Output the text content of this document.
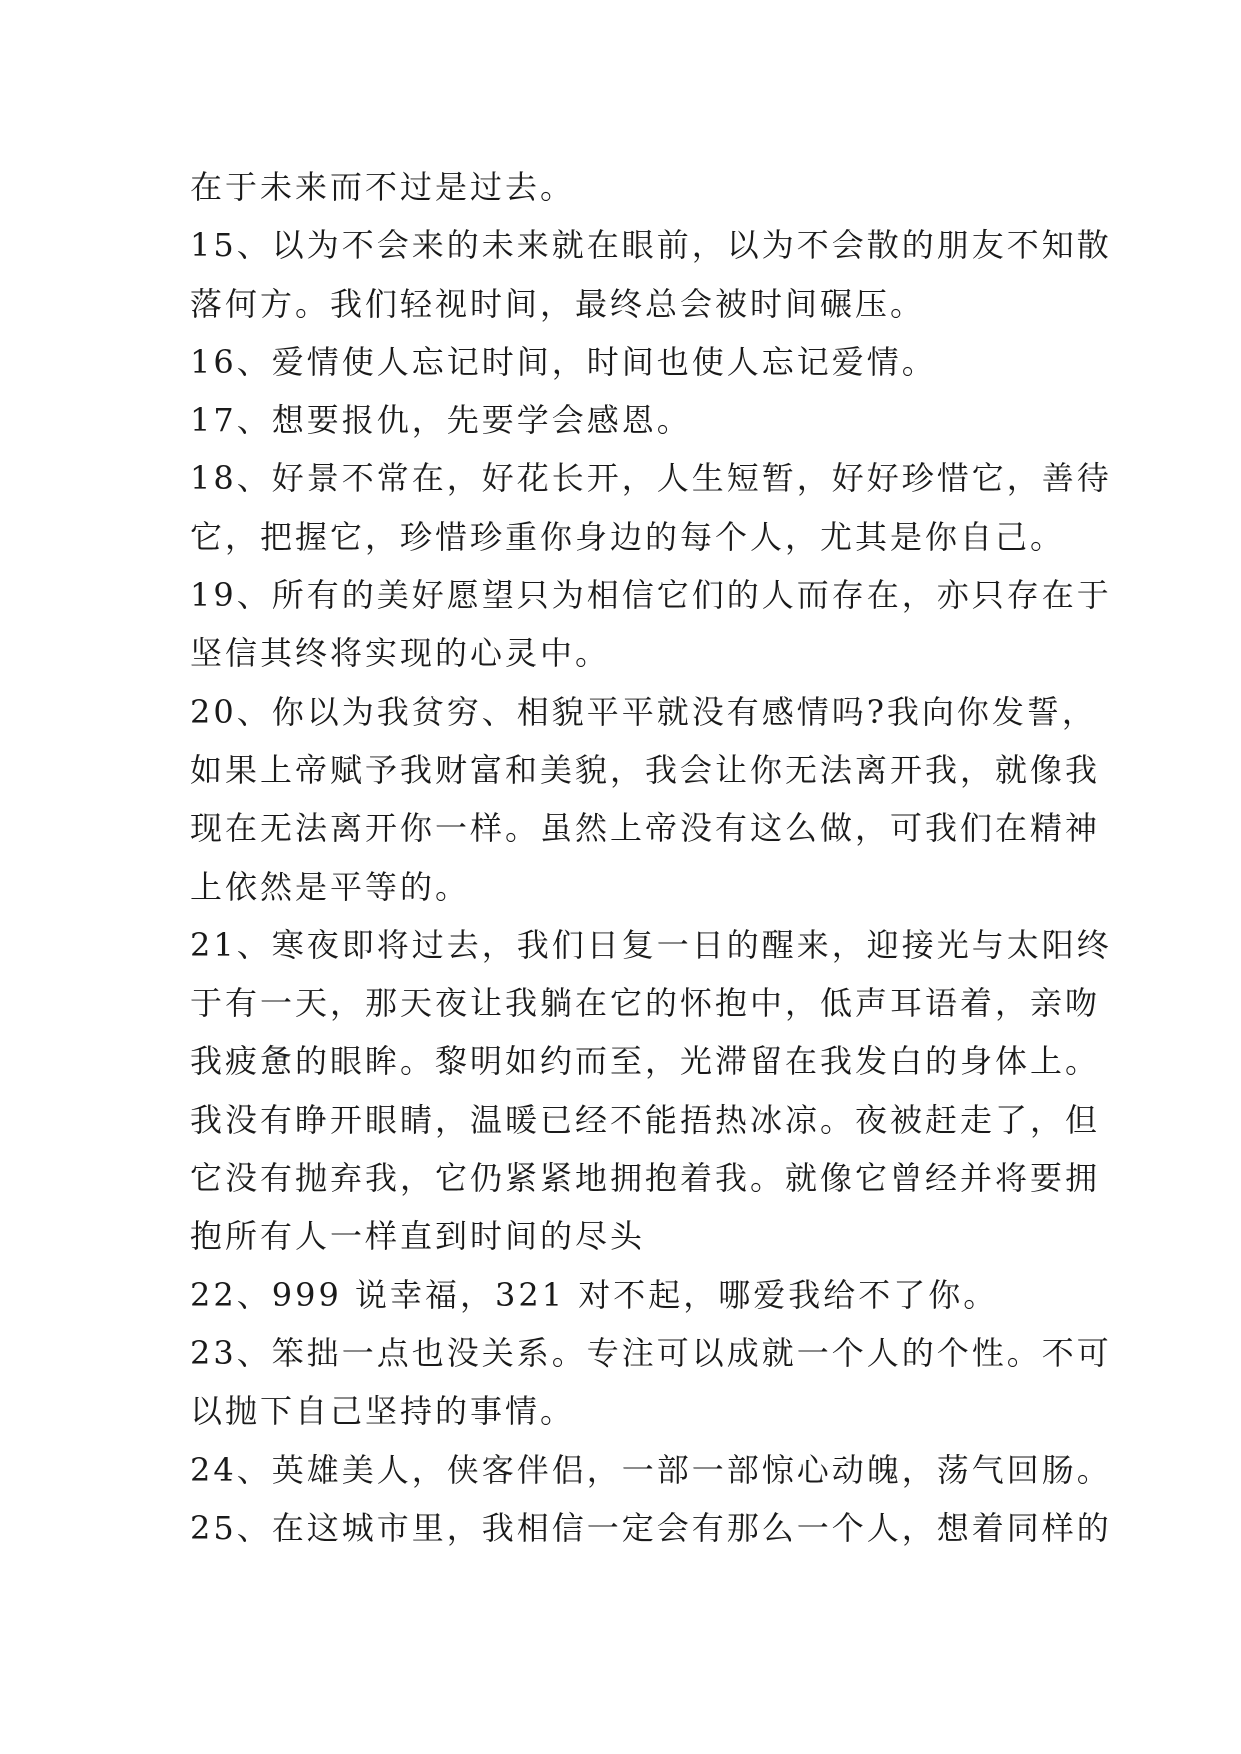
在于未来而不过是过去。
15、以为不会来的未来就在眼前，以为不会散的朋友不知散
落何方。我们轻视时间，最终总会被时间碾压。
16、爱情使人忘记时间，时间也使人忘记爱情。
17、想要报仇，先要学会感恩。
18、好景不常在，好花长开，人生短暂，好好珍惜它，善待
它，把握它，珍惜珍重你身边的每个人，尤其是你自己。
19、所有的美好愿望只为相信它们的人而存在，亦只存在于
坚信其终将实现的心灵中。
20、你以为我贫穷、相貌平平就没有感情吗?我向你发誓，
如果上帝赋予我财富和美貌，我会让你无法离开我，就像我
现在无法离开你一样。虽然上帝没有这么做，可我们在精神
上依然是平等的。
21、寒夜即将过去，我们日复一日的醒来，迎接光与太阳终
于有一天，那天夜让我躺在它的怀抱中，低声耳语着，亲吻
我疲惫的眼眸。黎明如约而至，光滞留在我发白的身体上。
我没有睁开眼睛，温暖已经不能捂热冰凉。夜被赶走了，但
它没有抛弃我，它仍紧紧地拥抱着我。就像它曾经并将要拥
抱所有人一样直到时间的尽头
22、999 说幸福，321 对不起，哪爱我给不了你。
23、笨拙一点也没关系。专注可以成就一个人的个性。不可
以抛下自己坚持的事情。
24、英雄美人，侠客伴侣，一部一部惊心动魄，荡气回肠。
25、在这城市里，我相信一定会有那么一个人，想着同样的
